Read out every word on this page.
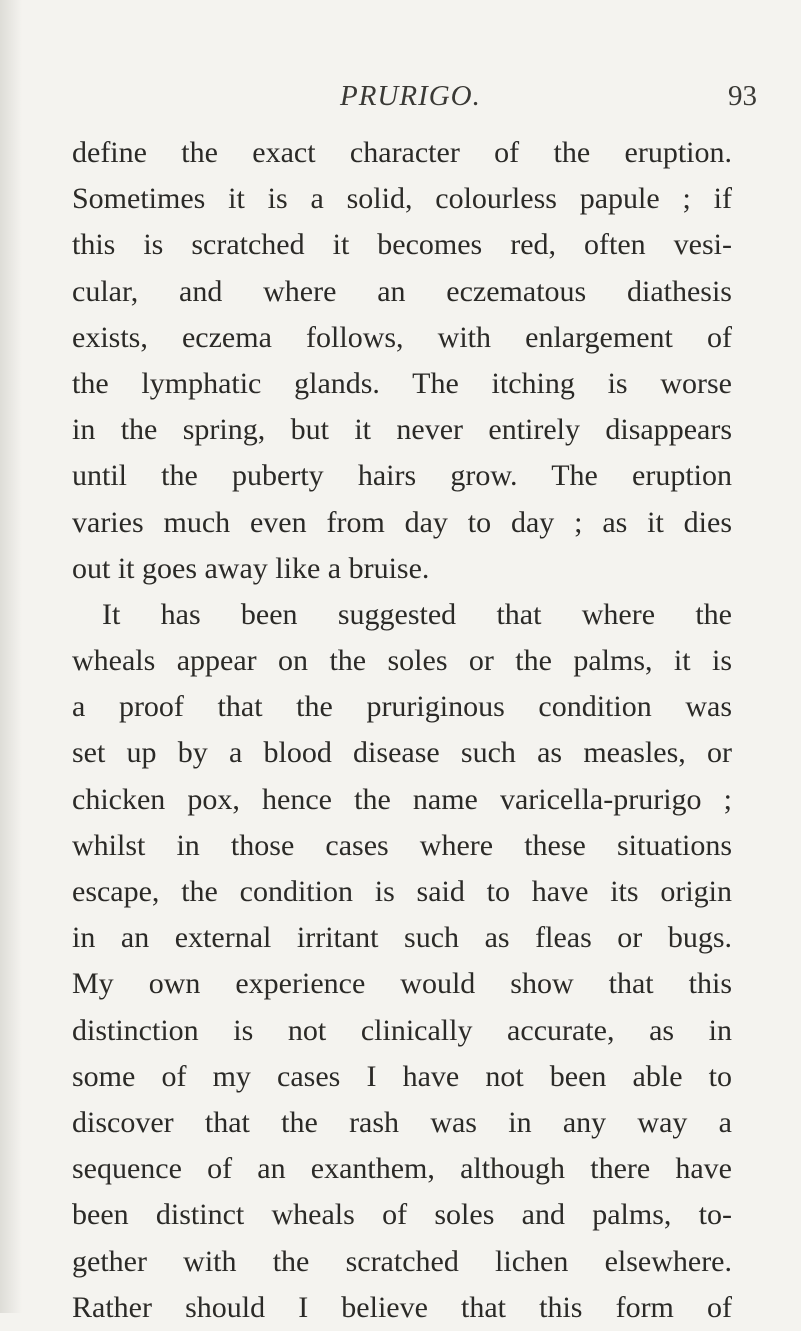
PRURIGO.	93
define the exact character of the eruption.
Sometimes it is a solid, colourless papule ; if
this is scratched it becomes red, often vesi-
cular, and where an eczematous diathesis
exists, eczema follows, with enlargement of
the lymphatic glands. The itching is worse
in the spring, but it never entirely disappears
until the puberty hairs grow. The eruption
varies much even from day to day ; as it dies
out it goes away like a bruise.
It has been suggested that where the
wheals appear on the soles or the palms, it is
a proof that the pruriginous condition was
set up by a blood disease such as measles, or
chicken pox, hence the name varicella-prurigo ;
whilst in those cases where these situations
escape, the condition is said to have its origin
in an external irritant such as fleas or bugs.
My own experience would show that this
distinction is not clinically accurate, as in
some of my cases I have not been able to
discover that the rash was in any way a
sequence of an exanthem, although there have
been distinct wheals of soles and palms, to-
gether with the scratched lichen elsewhere.
Rather should I believe that this form of
